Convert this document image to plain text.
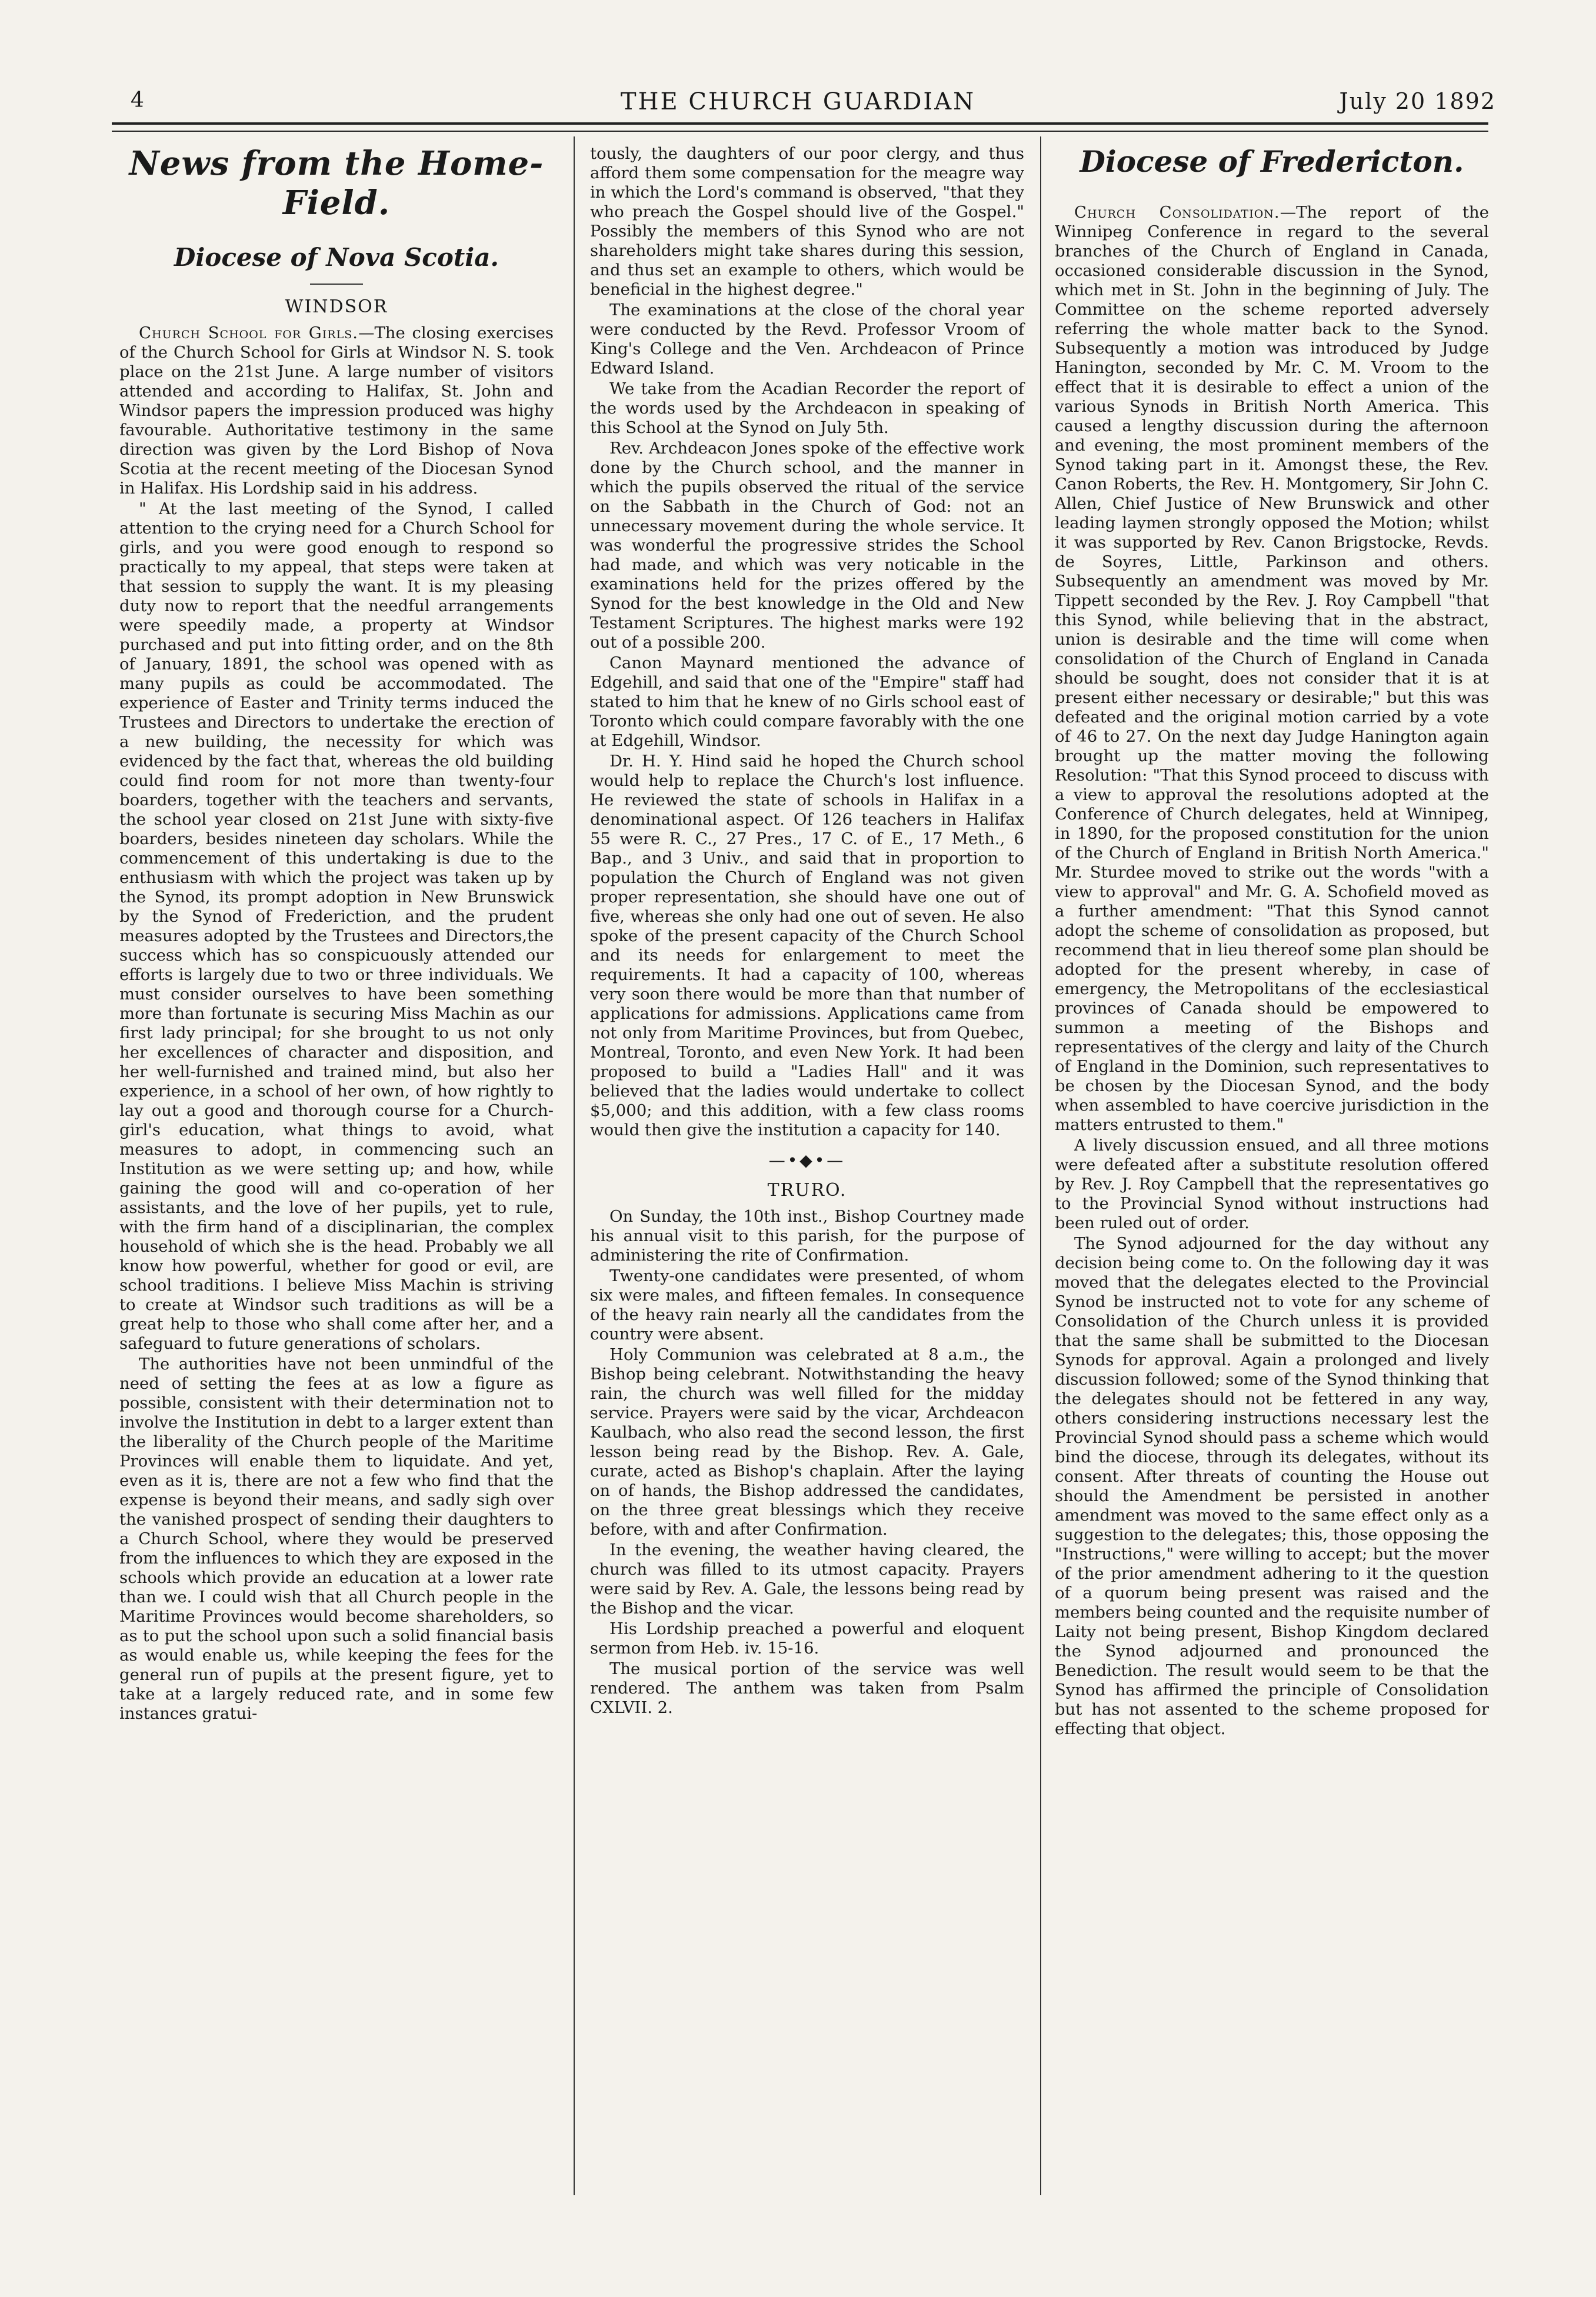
4	THE CHURCH GUARDIAN	July 20 1892
News from the Home-Field.
Diocese of Nova Scotia.
WINDSOR

Church School for Girls.—The closing exercises of the Church School for Girls at Windsor N. S. took place on the 21st June. A large number of visitors attended and according to Halifax, St. John and Windsor papers the impression produced was highy favourable. Authoritative testimony in the same direction was given by the Lord Bishop of Nova Scotia at the recent meeting of the Diocesan Synod in Halifax. His Lordship said in his address.

" At the last meeting of the Synod, I called attention to the crying need for a Church School for girls, and you were good enough to respond so practically to my appeal, that steps were taken at that session to supply the want. It is my pleasing duty now to report that the needful arrangements were speedily made, a property at Windsor purchased and put into fitting order, and on the 8th of January, 1891, the school was opened with as many pupils as could be accommodated. The experience of Easter and Trinity terms induced the Trustees and Directors to undertake the erection of a new building, the necessity for which was evidenced by the fact that, whereas the old building could find room for not more than twenty-four boarders, together with the teachers and servants, the school year closed on 21st June with sixty-five boarders, besides nineteen day scholars. While the commencement of this undertaking is due to the enthusiasm with which the project was taken up by the Synod, its prompt adoption in New Brunswick by the Synod of Frederiction, and the prudent measures adopted by the Trustees and Directors,the success which has so conspicuously attended our efforts is largely due to two or three individuals. We must consider ourselves to have been something more than fortunate is securing Miss Machin as our first lady principal; for she brought to us not only her excellences of character and disposition, and her well-furnished and trained mind, but also her experience, in a school of her own, of how rightly to lay out a good and thorough course for a Church-girl's education, what things to avoid, what measures to adopt, in commencing such an Institution as we were setting up; and how, while gaining the good will and co-operation of her assistants, and the love of her pupils, yet to rule, with the firm hand of a disciplinarian, the complex household of which she is the head. Probably we all know how powerful, whether for good or evil, are school traditions. I believe Miss Machin is striving to create at Windsor such traditions as will be a great help to those who shall come after her, and a safeguard to future generations of scholars.

The authorities have not been unmindful of the need of setting the fees at as low a figure as possible, consistent with their determination not to involve the Institution in debt to a larger extent than the liberality of the Church people of the Maritime Provinces will enable them to liquidate. And yet, even as it is, there are not a few who find that the expense is beyond their means, and sadly sigh over the vanished prospect of sending their daughters to a Church School, where they would be preserved from the influences to which they are exposed in the schools which provide an education at a lower rate than we. I could wish that all Church people in the Maritime Provinces would become shareholders, so as to put the school upon such a solid financial basis as would enable us, while keeping the fees for the general run of pupils at the present figure, yet to take at a largely reduced rate, and in some few instances gratui-

tously, the daughters of our poor clergy, and thus afford them some compensation for the meagre way in which the Lord's command is observed, "that they who preach the Gospel should live of the Gospel." Possibly the members of this Synod who are not shareholders might take shares during this session, and thus set an example to others, which would be beneficial in the highest degree."

The examinations at the close of the choral year were conducted by the Revd. Professor Vroom of King's College and the Ven. Archdeacon of Prince Edward Island.

We take from the Acadian Recorder the report of the words used by the Archdeacon in speaking of this School at the Synod on July 5th.

Rev. Archdeacon Jones spoke of the effective work done by the Church school, and the manner in which the pupils observed the ritual of the service on the Sabbath in the Church of God: not an unnecessary movement during the whole service. It was wonderful the progressive strides the School had made, and which was very noticable in the examinations held for the prizes offered by the Synod for the best knowledge in the Old and New Testament Scriptures. The highest marks were 192 out of a possible 200.

Canon Maynard mentioned the advance of Edgehill, and said that one of the "Empire" staff had stated to him that he knew of no Girls school east of Toronto which could compare favorably with the one at Edgehill, Windsor.

Dr. H. Y. Hind said he hoped the Church school would help to replace the Church's lost influence. He reviewed the state of schools in Halifax in a denominational aspect. Of 126 teachers in Halifax 55 were R. C., 27 Pres., 17 C. of E., 17 Meth., 6 Bap., and 3 Univ., and said that in proportion to population the Church of England was not given proper representation, she should have one out of five, whereas she only had one out of seven. He also spoke of the present capacity of the Church School and its needs for enlargement to meet the requirements. It had a capacity of 100, whereas very soon there would be more than that number of applications for admissions. Applications came from not only from Maritime Provinces, but from Quebec, Montreal, Toronto, and even New York. It had been proposed to build a "Ladies Hall" and it was believed that the ladies would undertake to collect $5,000; and this addition, with a few class rooms would then give the institution a capacity for 140.

—•◆•—
TRURO.

On Sunday, the 10th inst., Bishop Courtney made his annual visit to this parish, for the purpose of administering the rite of Confirmation.

Twenty-one candidates were presented, of whom six were males, and fifteen females. In consequence of the heavy rain nearly all the candidates from the country were absent.

Holy Communion was celebrated at 8 a.m., the Bishop being celebrant. Notwithstanding the heavy rain, the church was well filled for the midday service. Prayers were said by the vicar, Archdeacon Kaulbach, who also read the second lesson, the first lesson being read by the Bishop. Rev. A. Gale, curate, acted as Bishop's chaplain. After the laying on of hands, the Bishop addressed the candidates, on the three great blessings which they receive before, with and after Confirmation.

In the evening, the weather having cleared, the church was filled to its utmost capacity. Prayers were said by Rev. A. Gale, the lessons being read by the Bishop and the vicar.

His Lordship preached a powerful and eloquent sermon from Heb. iv. 15-16.

The musical portion of the service was well rendered. The anthem was taken from Psalm CXLVII. 2.

Diocese of Fredericton.

Church Consolidation.—The report of the Winnipeg Conference in regard to the several branches of the Church of England in Canada, occasioned considerable discussion in the Synod, which met in St. John in the beginning of July. The Committee on the scheme reported adversely referring the whole matter back to the Synod. Subsequently a motion was introduced by Judge Hanington, seconded by Mr. C. M. Vroom to the effect that it is desirable to effect a union of the various Synods in British North America. This caused a lengthy discussion during the afternoon and evening, the most prominent members of the Synod taking part in it. Amongst these, the Rev. Canon Roberts, the Rev. H. Montgomery, Sir John C. Allen, Chief Justice of New Brunswick and other leading laymen strongly opposed the Motion; whilst it was supported by Rev. Canon Brigstocke, Revds. de Soyres, Little, Parkinson and others. Subsequently an amendment was moved by Mr. Tippett seconded by the Rev. J. Roy Campbell "that this Synod, while believing that in the abstract, union is desirable and the time will come when consolidation of the Church of England in Canada should be sought, does not consider that it is at present either necessary or desirable;" but this was defeated and the original motion carried by a vote of 46 to 27. On the next day Judge Hanington again brought up the matter moving the following Resolution: "That this Synod proceed to discuss with a view to approval the resolutions adopted at the Conference of Church delegates, held at Winnipeg, in 1890, for the proposed constitution for the union of the Church of England in British North America." Mr. Sturdee moved to strike out the words "with a view to approval" and Mr. G. A. Schofield moved as a further amendment: "That this Synod cannot adopt the scheme of consolidation as proposed, but recommend that in lieu thereof some plan should be adopted for the present whereby, in case of emergency, the Metropolitans of the ecclesiastical provinces of Canada should be empowered to summon a meeting of the Bishops and representatives of the clergy and laity of the Church of England in the Dominion, such representatives to be chosen by the Diocesan Synod, and the body when assembled to have coercive jurisdiction in the matters entrusted to them."

A lively discussion ensued, and all three motions were defeated after a substitute resolution offered by Rev. J. Roy Campbell that the representatives go to the Provincial Synod without instructions had been ruled out of order.

The Synod adjourned for the day without any decision being come to. On the following day it was moved that the delegates elected to the Provincial Synod be instructed not to vote for any scheme of Consolidation of the Church unless it is provided that the same shall be submitted to the Diocesan Synods for approval. Again a prolonged and lively discussion followed; some of the Synod thinking that the delegates should not be fettered in any way, others considering instructions necessary lest the Provincial Synod should pass a scheme which would bind the diocese, through its delegates, without its consent. After threats of counting the House out should the Amendment be persisted in another amendment was moved to the same effect only as a suggestion to the delegates; this, those opposing the "Instructions," were willing to accept; but the mover of the prior amendment adhering to it the question of a quorum being present was raised and the members being counted and the requisite number of Laity not being present, Bishop Kingdom declared the Synod adjourned and pronounced the Benediction. The result would seem to be that the Synod has affirmed the principle of Consolidation but has not assented to the scheme proposed for effecting that object.
